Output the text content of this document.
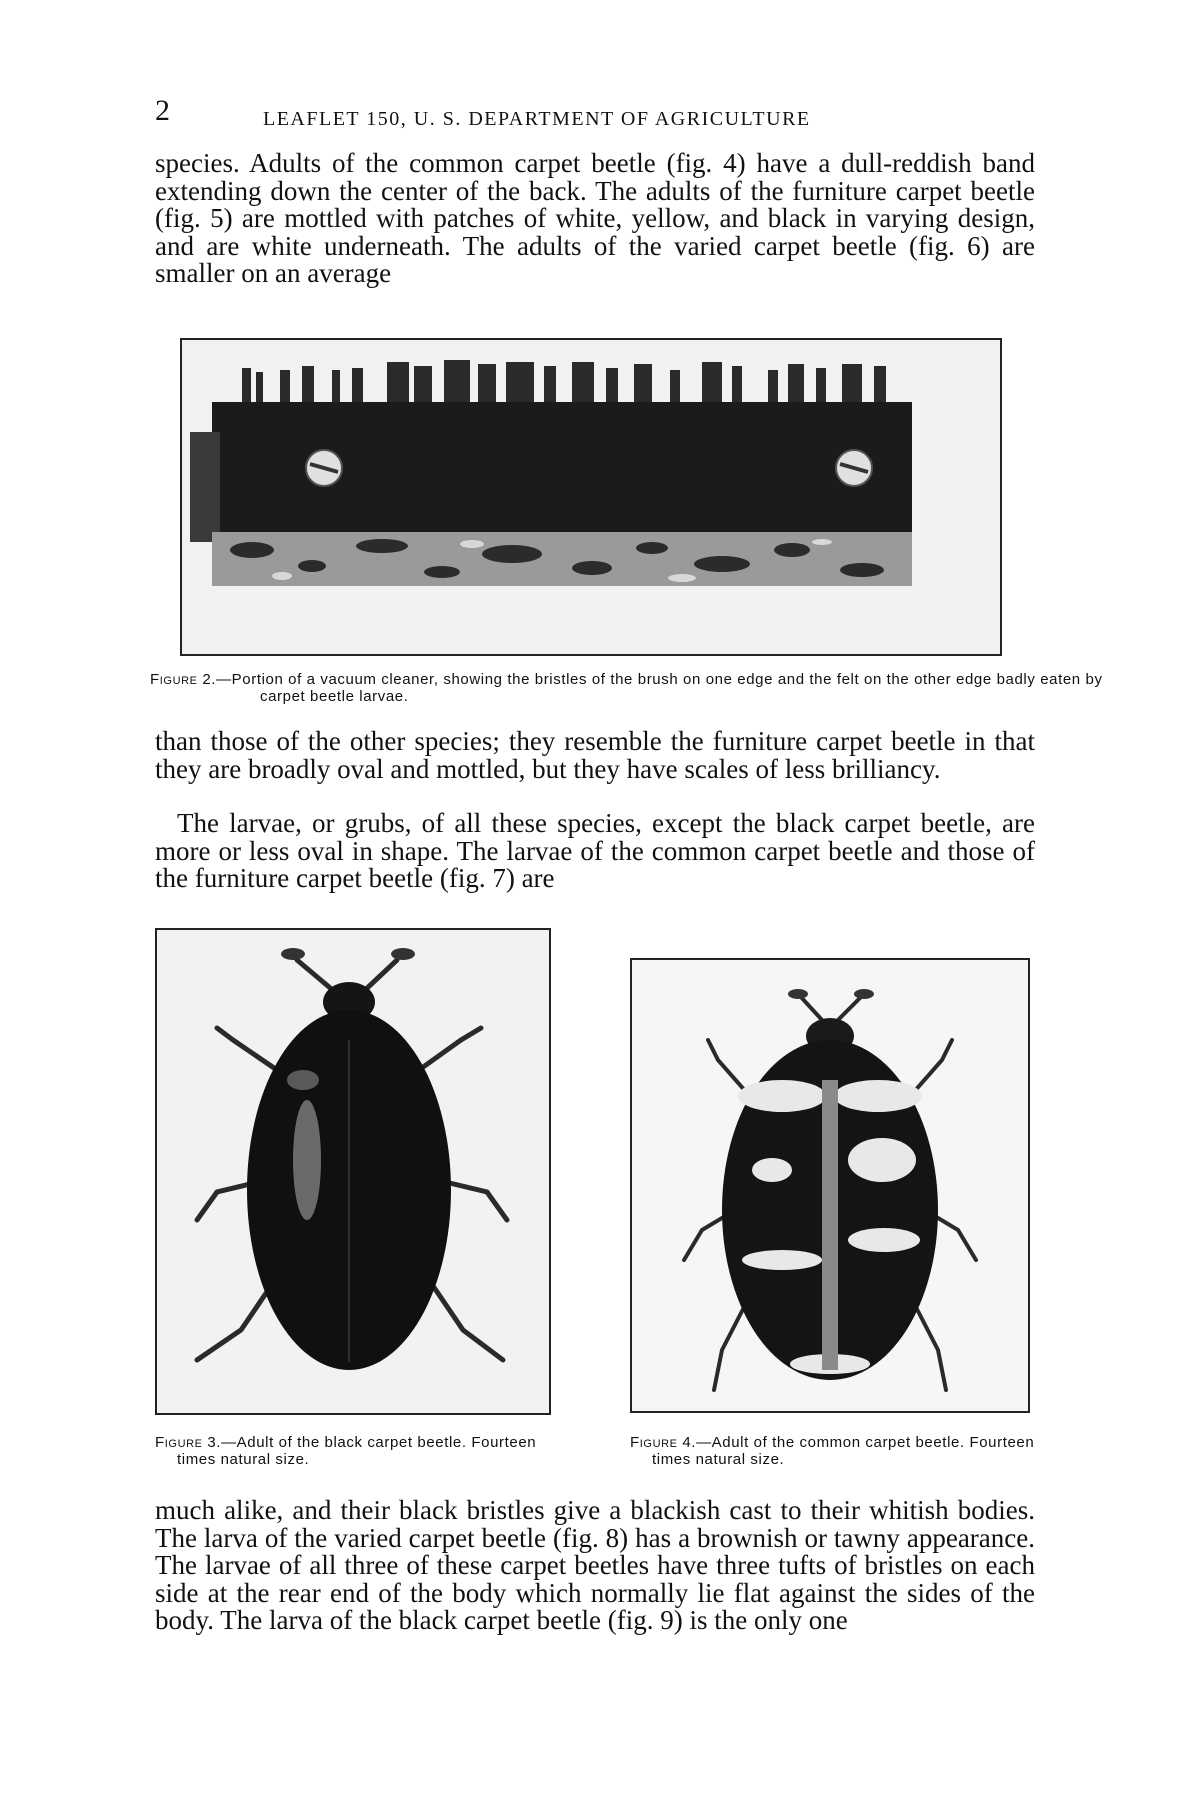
2	LEAFLET 150, U. S. DEPARTMENT OF AGRICULTURE

species. Adults of the common carpet beetle (fig. 4) have a dull-reddish band extending down the center of the back. The adults of the furniture carpet beetle (fig. 5) are mottled with patches of white, yellow, and black in varying design, and are white underneath. The adults of the varied carpet beetle (fig. 6) are smaller on an average

Figure 2.—Portion of a vacuum cleaner, showing the bristles of the brush on one edge and the felt on the other edge badly eaten by carpet beetle larvae.

than those of the other species; they resemble the furniture carpet beetle in that they are broadly oval and mottled, but they have scales of less brilliancy.

The larvae, or grubs, of all these species, except the black carpet beetle, are more or less oval in shape. The larvae of the common carpet beetle and those of the furniture carpet beetle (fig. 7) are

Figure 3.—Adult of the black carpet beetle. Fourteen times natural size.

Figure 4.—Adult of the common carpet beetle. Fourteen times natural size.

much alike, and their black bristles give a blackish cast to their whitish bodies. The larva of the varied carpet beetle (fig. 8) has a brownish or tawny appearance. The larvae of all three of these carpet beetles have three tufts of bristles on each side at the rear end of the body which normally lie flat against the sides of the body. The larva of the black carpet beetle (fig. 9) is the only one
